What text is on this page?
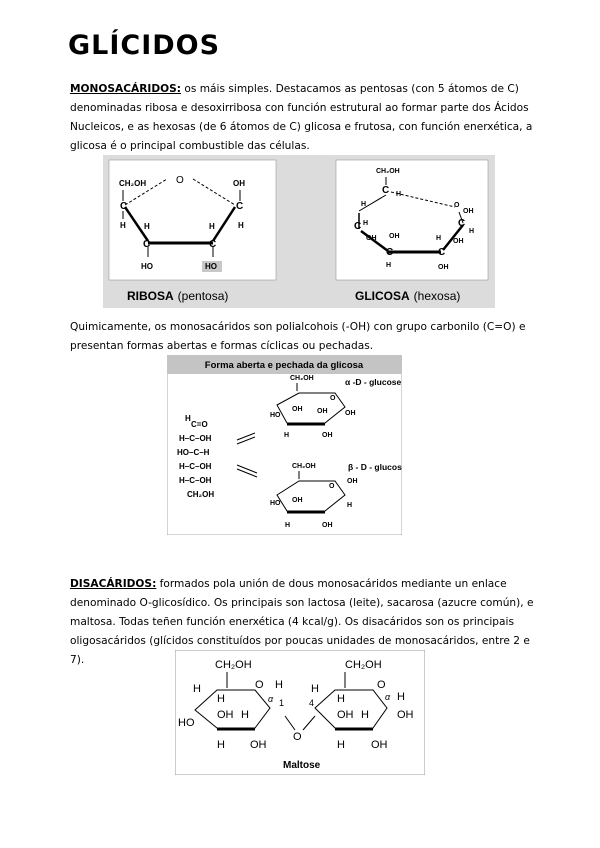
GLÍCIDOS
MONOSACÁRIDOS: os máis simples. Destacamos as pentosas (con 5 átomos de C)
denominadas ribosa e desoxirribosa con función estrutural ao formar parte dos Ácidos
Nucleicos, e as hexosas (de 6 átomos de C) glicosa e frutosa, con función enerxética, a
glicosa é o principal combustible das células.
CH₂OH	O	OH
C	C
H	H
H	H
C	C
HO	HO
CH₂OH
C H
O
OH
H
C H
OH OH
C
H
H
C
OH
C
H
OH
RIBOSA (pentosa)	GLICOSA (hexosa)
Quimicamente, os monosacáridos son polialcohois (-OH) con grupo carbonilo (C=O) e
presentan formas abertas e formas cíclicas ou pechadas.
Forma aberta e pechada da glicosa
H
C=O
H–C–OH
HO–C–H
H–C–OH
H–C–OH
CH₂OH
CH₂OH
O
α -D - glucose
HO
OH OH	OH
H	OH
CH₂OH
O
β - D - glucose
HO OH
OH
H
H	OH
DISACÁRIDOS: formados pola unión de dous monosacáridos mediante un enlace
denominado O-glicosídico. Os principais son lactosa (leite), sacarosa (azucre común), e
maltosa. Todas teñen función enerxética (4 kcal/g). Os disacáridos son os principais
oligosacáridos (glícidos constituídos por poucas unidades de monosacáridos, entre 2 e 7).	CH₂OH	CH₂OH
O	O
H
HO
H
OH H
H
H OH
O
H
H
OH H
H
OH
H OH
α	α
1	4
Maltose
